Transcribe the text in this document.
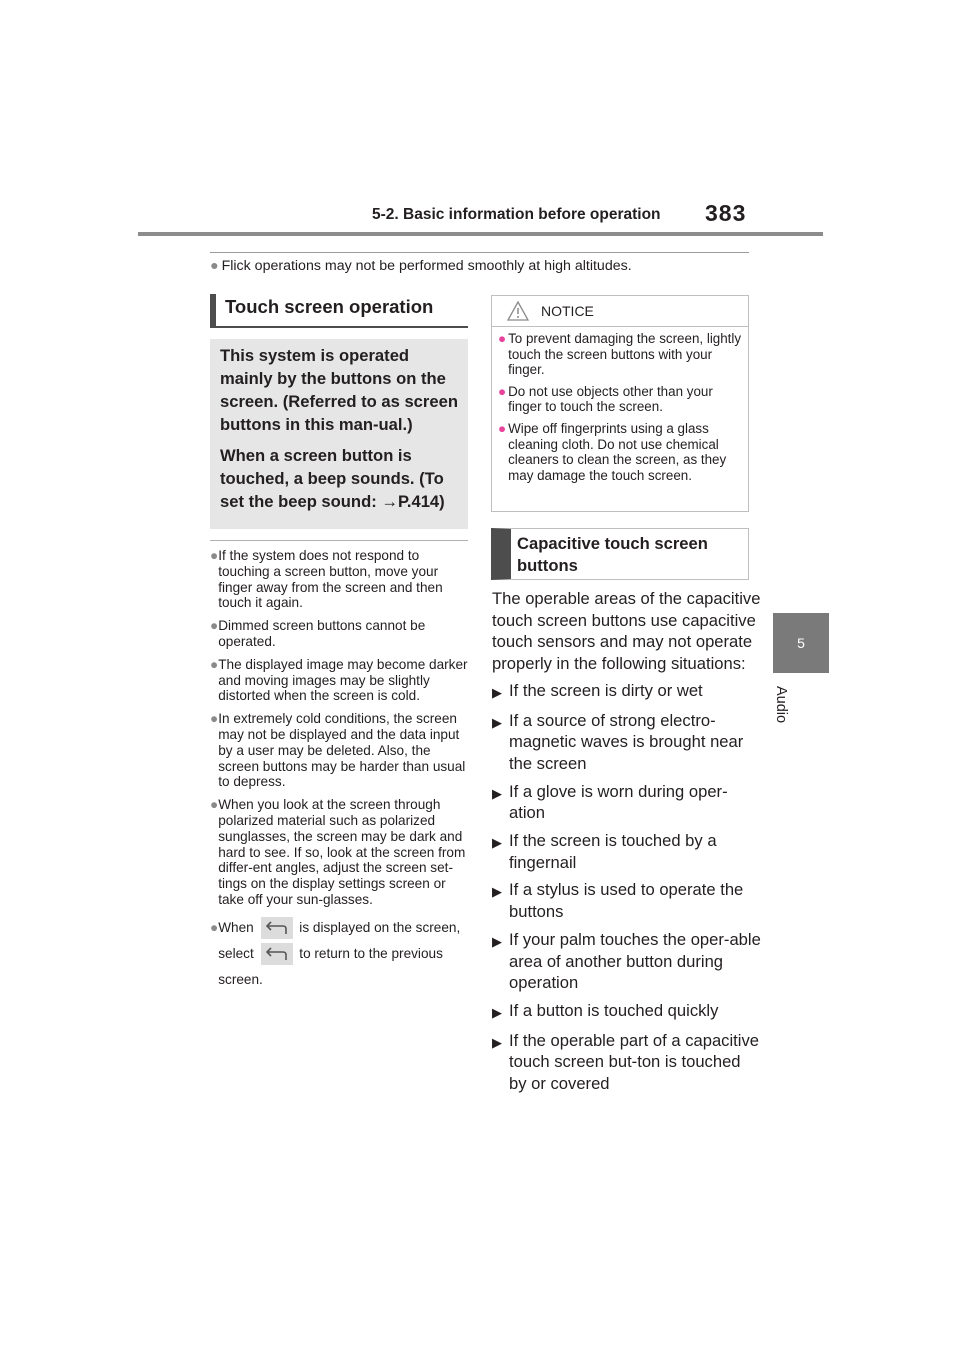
5-2. Basic information before operation 383
5
Audio
● Flick operations may not be performed smoothly at high altitudes.
Touch screen operation

This system is operated mainly by the buttons on the screen. (Referred to as screen buttons in this man-ual.)

When a screen button is touched, a beep sounds. (To set the beep sound: →P.414)

● If the system does not respond to touching a screen button, move your finger away from the screen and then touch it again.
● Dimmed screen buttons cannot be operated.
● The displayed image may become darker and moving images may be slightly distorted when the screen is cold.
● In extremely cold conditions, the screen may not be displayed and the data input by a user may be deleted. Also, the screen buttons may be harder than usual to depress.
● When you look at the screen through polarized material such as polarized sunglasses, the screen may be dark and hard to see. If so, look at the screen from differ-ent angles, adjust the screen set-tings on the display settings screen or take off your sun-glasses.
● When	is displayed on the screen, select	to return to the previous screen.
NOTICE
● To prevent damaging the screen, lightly touch the screen buttons with your finger.
● Do not use objects other than your finger to touch the screen.
● Wipe off fingerprints using a glass cleaning cloth. Do not use chemical cleaners to clean the screen, as they may damage the touch screen.
Capacitive touch screen buttons

The operable areas of the capacitive touch screen buttons use capacitive touch sensors and may not operate properly in the following situations:

▶ If the screen is dirty or wet
▶ If a source of strong electro-magnetic waves is brought near the screen
▶ If a glove is worn during oper-ation
▶ If the screen is touched by a fingernail
▶ If a stylus is used to operate the buttons
▶ If your palm touches the oper-able area of another button during operation
▶ If a button is touched quickly
▶ If the operable part of a capacitive touch screen but-ton is touched by or covered
